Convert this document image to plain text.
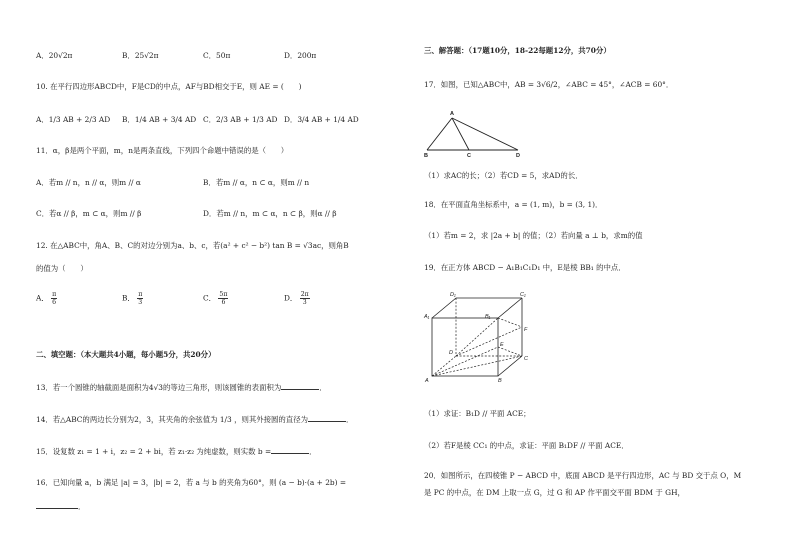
A．20√2π	B．25√2π	C．50π	D．200π
10. 在平行四边形ABCD中，F是CD的中点，AF与BD相交于E，则 AE = (　　)
A．1/3 AB + 2/3 AD B．1/4 AB + 3/4 AD C．2/3 AB + 1/3 AD D．3/4 AB + 1/4 AD
11．α，β是两个平面，m，n是两条直线，下列四个命题中错误的是（　　）
A．若m // n，n // α，则m // α	B．若m // α，n ⊂ α，则m // n
C．若α // β，m ⊂ α，则m // β	D．若m // n，m ⊂ α，n ⊂ β，则α // β
12. 在△ABC中，角A、B、C的对边分别为a、b、c，若(a² + c² − b²) tan B = √3ac，则角B
的值为（　　）
A． $\frac{\pi}{6}$	B． $\frac{\pi}{3}$	C． $\frac{5\pi}{6}$	D． $\frac{2\pi}{3}$
二、填空题：（本大题共4小题，每小题5分，共20分）
13．若一个圆锥的轴截面是面积为4√3的等边三角形，则该圆锥的表面积为	．
14．若△ABC的两边长分别为2，3，其夹角的余弦值为 1/3 ，则其外接圆的直径为	．
15．设复数 z₁ = 1 + i，z₂ = 2 + bi，若 z₁·z₂ 为纯虚数，则实数 b =	．
16．已知向量 a，b 满足 |a| = 3，|b| = 2，若 a 与 b 的夹角为60°，则 (a − b)·(a + 2b) =
．
三、解答题：（17题10分，18-22每题12分，共70分）
17．如图，已知△ABC中，AB = 3√6/2，∠ABC = 45°，∠ACB = 60°．
A
B	C	D
（1）求AC的长；（2）若CD = 5，求AD的长．
18．在平面直角坐标系中，a = (1, m)，b = (3, 1)．
（1）若m = 2，求 |2a + b| 的值；（2）若向量 a ⊥ b，求m的值
19．在正方体 ABCD − A₁B₁C₁D₁ 中，E是棱 BB₁ 的中点．
D₁	C₁
A₁	B₁
F
D
C
E
A	B
（1）求证：B₁D // 平面 ACE；
（2）若F是棱 CC₁ 的中点，求证：平面 B₁DF // 平面 ACE．
20．如图所示，在四棱锥 P − ABCD 中，底面 ABCD 是平行四边形，AC 与 BD 交于点 O，M
是 PC 的中点，在 DM 上取一点 G，过 G 和 AP 作平面交平面 BDM 于 GH，
